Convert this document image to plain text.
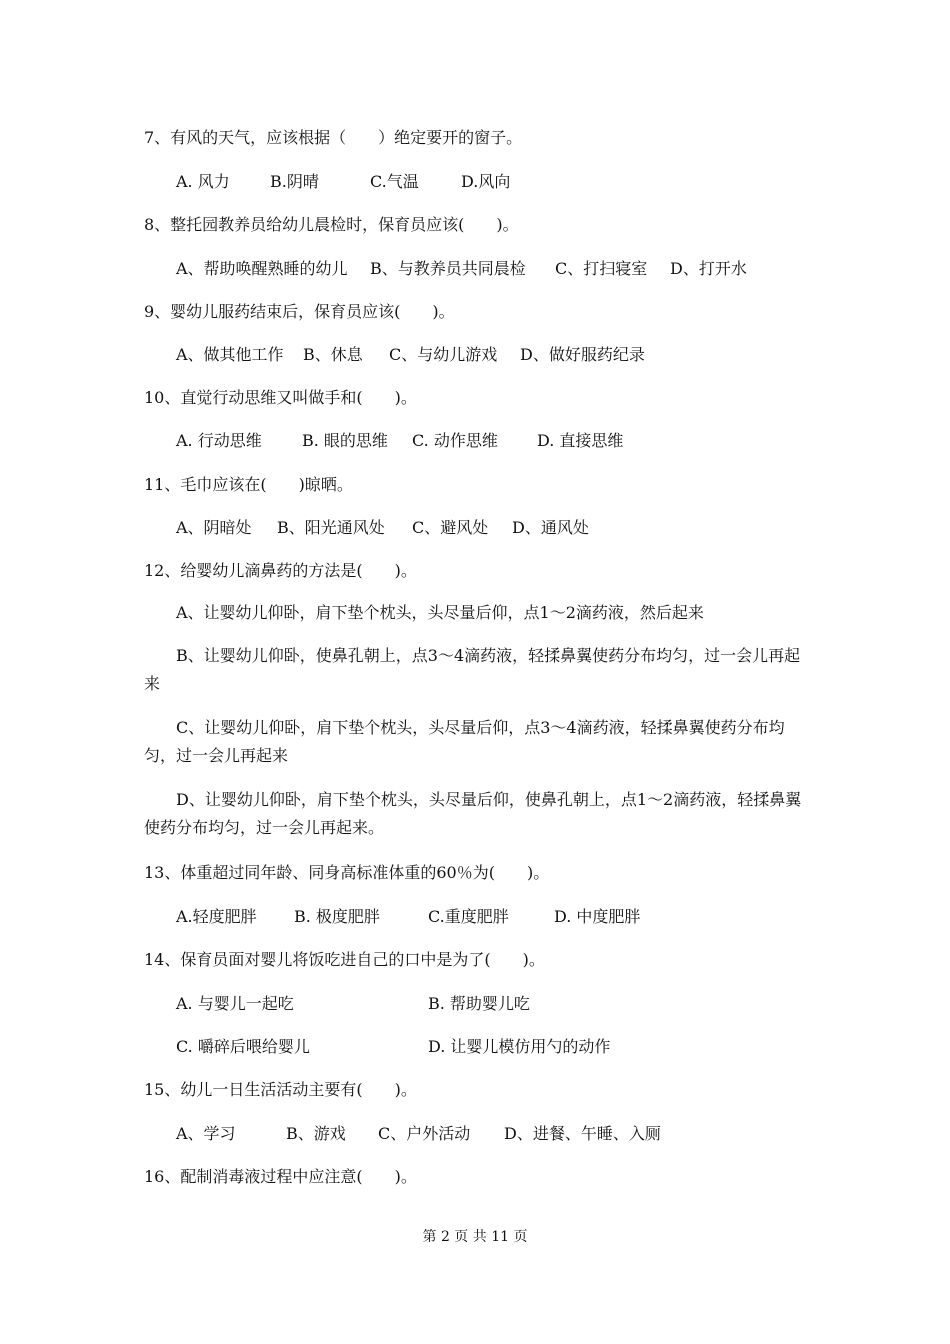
7、有风的天气，应该根据（　　）绝定要开的窗子。
A. 风力	B.阴晴	C.气温	D.风向
8、整托园教养员给幼儿晨检时，保育员应该(　　)。
A、帮助唤醒熟睡的幼儿 B、与教养员共同晨检 C、打扫寝室 D、打开水
9、婴幼儿服药结束后，保育员应该(　　)。
A、做其他工作 B、休息 C、与幼儿游戏 D、做好服药纪录
10、直觉行动思维又叫做手和(　　)。
A. 行动思维	B. 眼的思维 C. 动作思维 D. 直接思维
11、毛巾应该在(　　)晾晒。
A、阴暗处 B、阳光通风处 C、避风处 D、通风处
12、给婴幼儿滴鼻药的方法是(　　)。
A、让婴幼儿仰卧，肩下垫个枕头，头尽量后仰，点1～2滴药液，然后起来
B、让婴幼儿仰卧，使鼻孔朝上，点3～4滴药液，轻揉鼻翼使药分布均匀，过一会儿再起来
C、让婴幼儿仰卧，肩下垫个枕头，头尽量后仰，点3～4滴药液，轻揉鼻翼使药分布均匀，过一会儿再起来
D、让婴幼儿仰卧，肩下垫个枕头，头尽量后仰，使鼻孔朝上，点1～2滴药液，轻揉鼻翼使药分布均匀，过一会儿再起来。
13、体重超过同年龄、同身高标准体重的60％为(　　)。
A.轻度肥胖 B. 极度肥胖	C.重度肥胖	D. 中度肥胖
14、保育员面对婴儿将饭吃进自己的口中是为了(　　)。
A. 与婴儿一起吃	B. 帮助婴儿吃
C. 嚼碎后喂给婴儿	D. 让婴儿模仿用勺的动作
15、幼儿一日生活活动主要有(　　)。
A、学习	B、游戏 C、户外活动 D、进餐、午睡、入厕
16、配制消毒液过程中应注意(　　)。
第 2 页 共 11 页
